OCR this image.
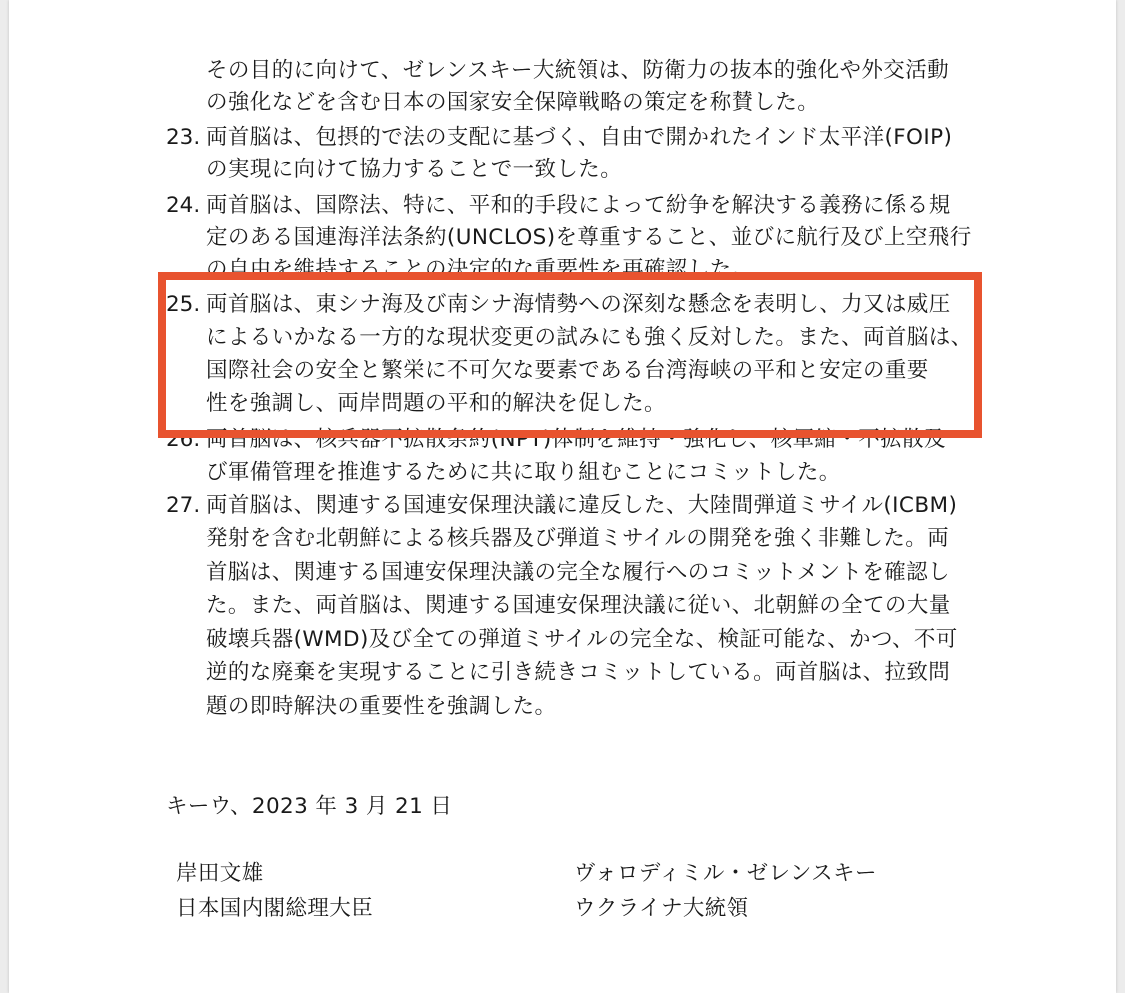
その目的に向けて、ゼレンスキー大統領は、防衛力の抜本的強化や外交活動
の強化などを含む日本の国家安全保障戦略の策定を称賛した。
23. 両首脳は、包摂的で法の支配に基づく、自由で開かれたインド太平洋(FOIP)
の実現に向けて協力することで一致した。
24. 両首脳は、国際法、特に、平和的手段によって紛争を解決する義務に係る規
定のある国連海洋法条約(UNCLOS)を尊重すること、並びに航行及び上空飛行
の自由を維持することの決定的な重要性を再確認した。
25. 両首脳は、東シナ海及び南シナ海情勢への深刻な懸念を表明し、力又は威圧
によるいかなる一方的な現状変更の試みにも強く反対した。また、両首脳は、
国際社会の安全と繁栄に不可欠な要素である台湾海峡の平和と安定の重要
性を強調し、両岸問題の平和的解決を促した。
26. 両首脳は、核兵器不拡散条約(NPT)体制を維持・強化し、核軍縮・不拡散及
び軍備管理を推進するために共に取り組むことにコミットした。
27. 両首脳は、関連する国連安保理決議に違反した、大陸間弾道ミサイル(ICBM)
発射を含む北朝鮮による核兵器及び弾道ミサイルの開発を強く非難した。両
首脳は、関連する国連安保理決議の完全な履行へのコミットメントを確認し
た。また、両首脳は、関連する国連安保理決議に従い、北朝鮮の全ての大量
破壊兵器(WMD)及び全ての弾道ミサイルの完全な、検証可能な、かつ、不可
逆的な廃棄を実現することに引き続きコミットしている。両首脳は、拉致問
題の即時解決の重要性を強調した。
キーウ、2023 年 3 月 21 日
岸田文雄
日本国内閣総理大臣
ヴォロディミル・ゼレンスキー
ウクライナ大統領
